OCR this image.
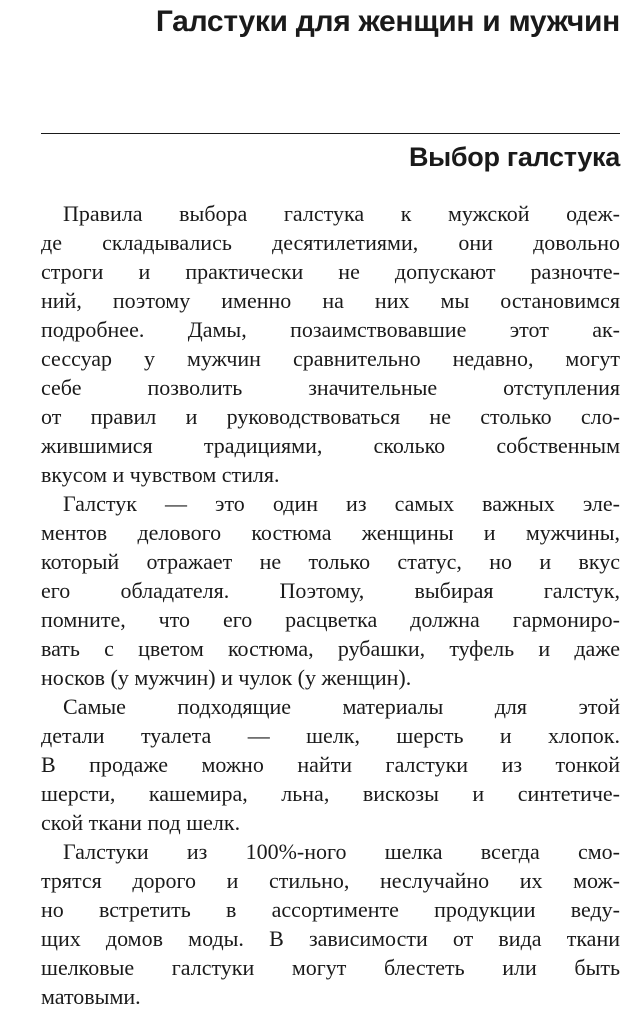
Галстуки для женщин и мужчин
Выбор галстука
Правила выбора галстука к мужской одеж-
де складывались десятилетиями, они довольно
строги и практически не допускают разночте-
ний, поэтому именно на них мы остановимся
подробнее. Дамы, позаимствовавшие этот ак-
сессуар у мужчин сравнительно недавно, могут
себе позволить значительные отступления
от правил и руководствоваться не столько сло-
жившимися традициями, сколько собственным
вкусом и чувством стиля.
Галстук — это один из самых важных эле-
ментов делового костюма женщины и мужчины,
который отражает не только статус, но и вкус
его обладателя. Поэтому, выбирая галстук,
помните, что его расцветка должна гармониро-
вать с цветом костюма, рубашки, туфель и даже
носков (у мужчин) и чулок (у женщин).
Самые подходящие материалы для этой
детали туалета — шелк, шерсть и хлопок.
В продаже можно найти галстуки из тонкой
шерсти, кашемира, льна, вискозы и синтетиче-
ской ткани под шелк.
Галстуки из 100%-ного шелка всегда смо-
трятся дорого и стильно, неслучайно их мож-
но встретить в ассортименте продукции веду-
щих домов моды. В зависимости от вида ткани
шелковые галстуки могут блестеть или быть
матовыми.
